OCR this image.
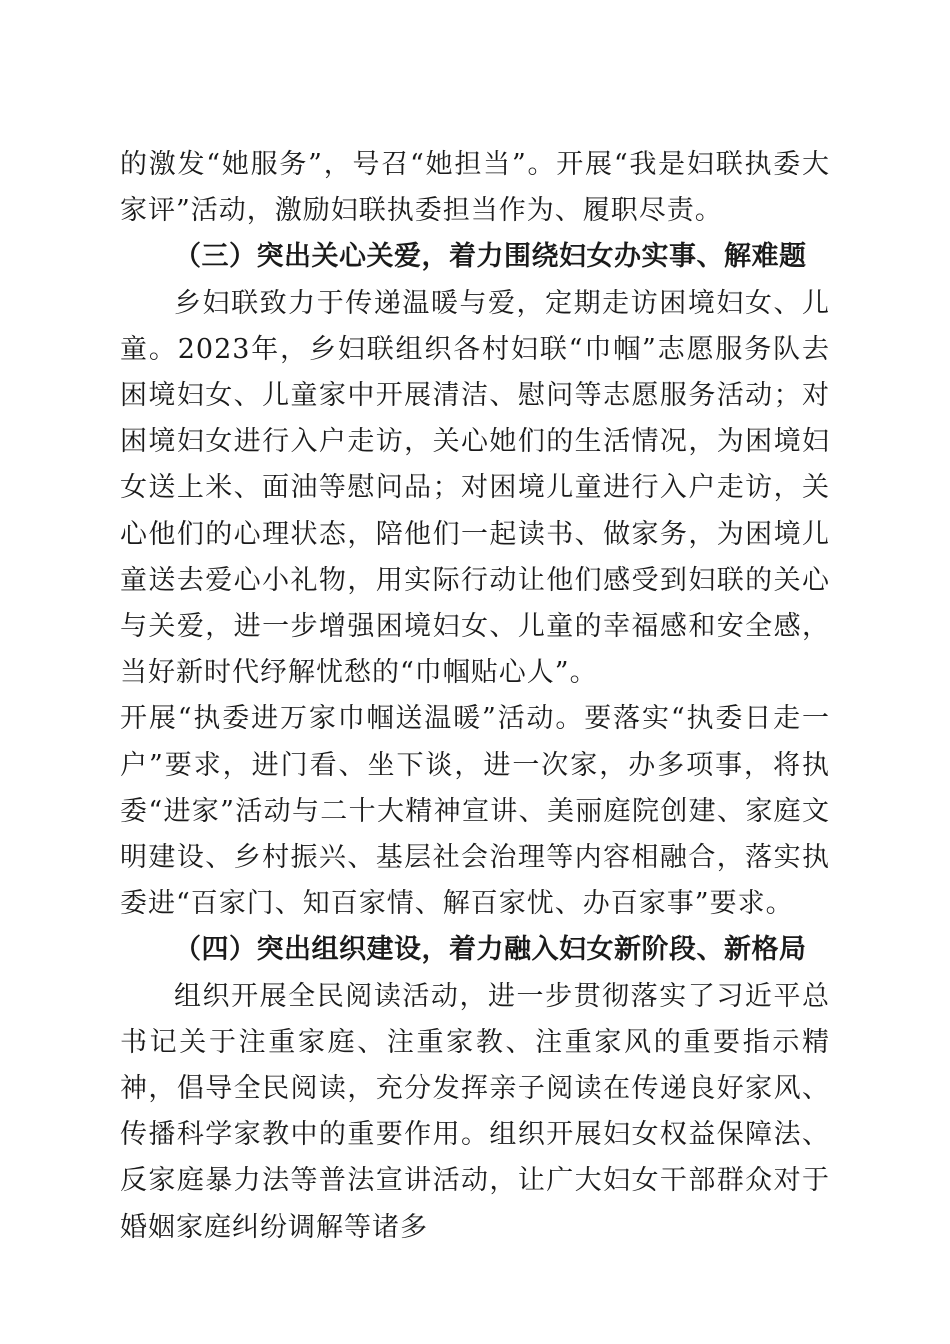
的激发“她服务”，号召“她担当”。开展“我是妇联执委大家评”活动，激励妇联执委担当作为、履职尽责。

（三）突出关心关爱，着力围绕妇女办实事、解难题

乡妇联致力于传递温暖与爱，定期走访困境妇女、儿童。2023年，乡妇联组织各村妇联“巾帼”志愿服务队去困境妇女、儿童家中开展清洁、慰问等志愿服务活动；对困境妇女进行入户走访，关心她们的生活情况，为困境妇女送上米、面油等慰问品；对困境儿童进行入户走访，关心他们的心理状态，陪他们一起读书、做家务，为困境儿童送去爱心小礼物，用实际行动让他们感受到妇联的关心与关爱，进一步增强困境妇女、儿童的幸福感和安全感，当好新时代纾解忧愁的“巾帼贴心人”。

开展“执委进万家巾帼送温暖”活动。要落实“执委日走一户”要求，进门看、坐下谈，进一次家，办多项事，将执委“进家”活动与二十大精神宣讲、美丽庭院创建、家庭文明建设、乡村振兴、基层社会治理等内容相融合，落实执委进“百家门、知百家情、解百家忧、办百家事”要求。

（四）突出组织建设，着力融入妇女新阶段、新格局

组织开展全民阅读活动，进一步贯彻落实了习近平总书记关于注重家庭、注重家教、注重家风的重要指示精神，倡导全民阅读，充分发挥亲子阅读在传递良好家风、传播科学家教中的重要作用。组织开展妇女权益保障法、反家庭暴力法等普法宣讲活动，让广大妇女干部群众对于婚姻家庭纠纷调解等诸多
